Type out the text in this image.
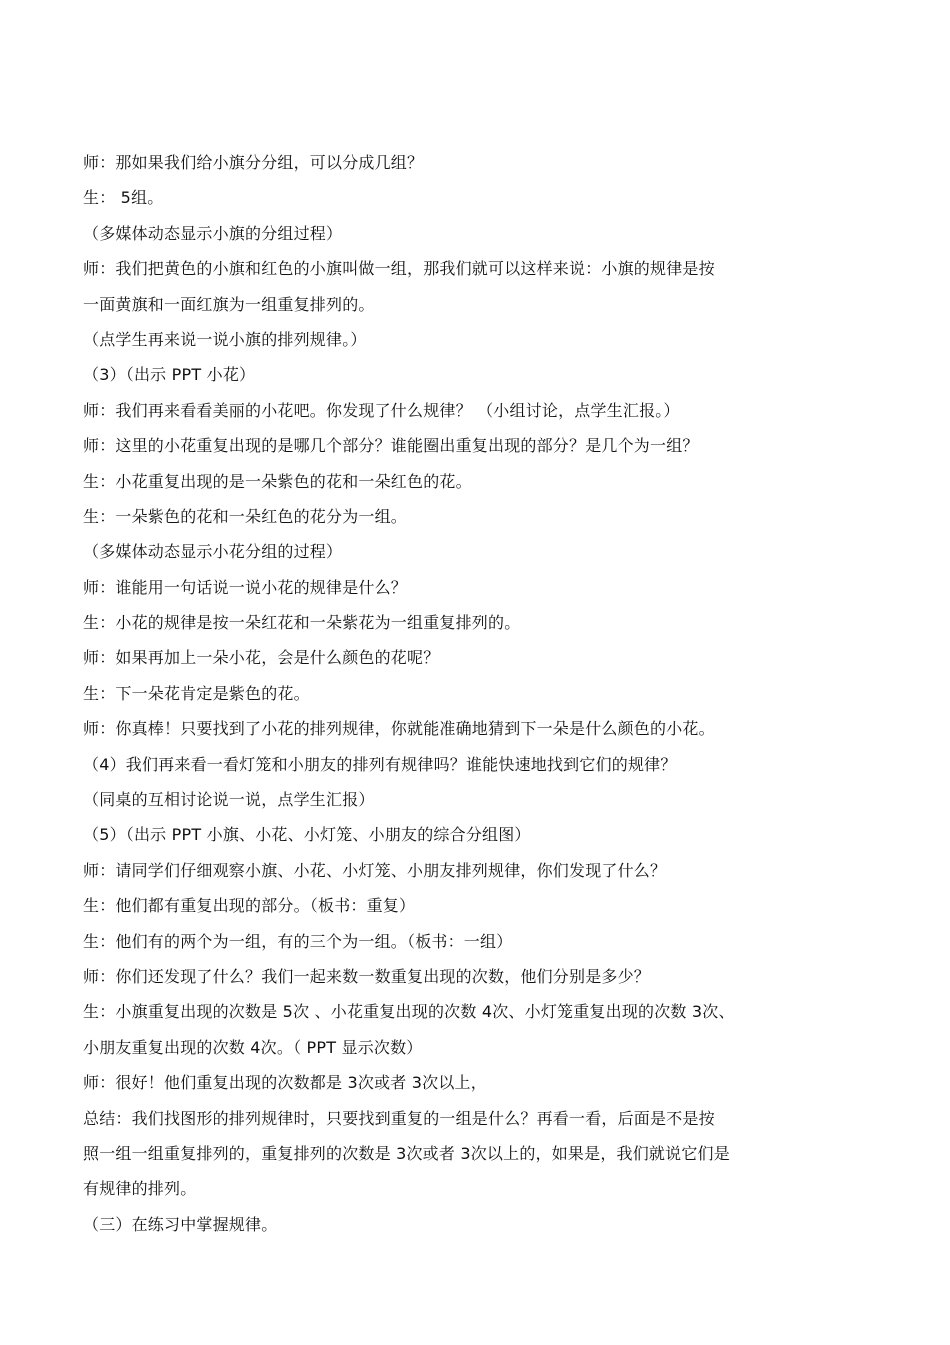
师：那如果我们给小旗分分组，可以分成几组？
生： 5组。
（多媒体动态显示小旗的分组过程）
师：我们把黄色的小旗和红色的小旗叫做一组，那我们就可以这样来说：小旗的规律是按
一面黄旗和一面红旗为一组重复排列的。
（点学生再来说一说小旗的排列规律。）
（3）（出示 PPT 小花）
师：我们再来看看美丽的小花吧。你发现了什么规律？ （小组讨论，点学生汇报。）
师：这里的小花重复出现的是哪几个部分？谁能圈出重复出现的部分？是几个为一组？
生：小花重复出现的是一朵紫色的花和一朵红色的花。
生：一朵紫色的花和一朵红色的花分为一组。
（多媒体动态显示小花分组的过程）
师：谁能用一句话说一说小花的规律是什么？
生：小花的规律是按一朵红花和一朵紫花为一组重复排列的。
师：如果再加上一朵小花，会是什么颜色的花呢？
生：下一朵花肯定是紫色的花。
师：你真棒！只要找到了小花的排列规律，你就能准确地猜到下一朵是什么颜色的小花。
（4）我们再来看一看灯笼和小朋友的排列有规律吗？谁能快速地找到它们的规律？
（同桌的互相讨论说一说，点学生汇报）
（5）（出示 PPT 小旗、小花、小灯笼、小朋友的综合分组图）
师：请同学们仔细观察小旗、小花、小灯笼、小朋友排列规律，你们发现了什么？
生：他们都有重复出现的部分。（板书：重复）
生：他们有的两个为一组，有的三个为一组。（板书：一组）
师：你们还发现了什么？我们一起来数一数重复出现的次数，他们分别是多少？
生：小旗重复出现的次数是 5次 、小花重复出现的次数 4次、小灯笼重复出现的次数 3次、
小朋友重复出现的次数 4次。（ PPT 显示次数）
师：很好！他们重复出现的次数都是 3次或者 3次以上，
总结：我们找图形的排列规律时，只要找到重复的一组是什么？再看一看，后面是不是按
照一组一组重复排列的，重复排列的次数是 3次或者 3次以上的，如果是，我们就说它们是
有规律的排列。
（三）在练习中掌握规律。
